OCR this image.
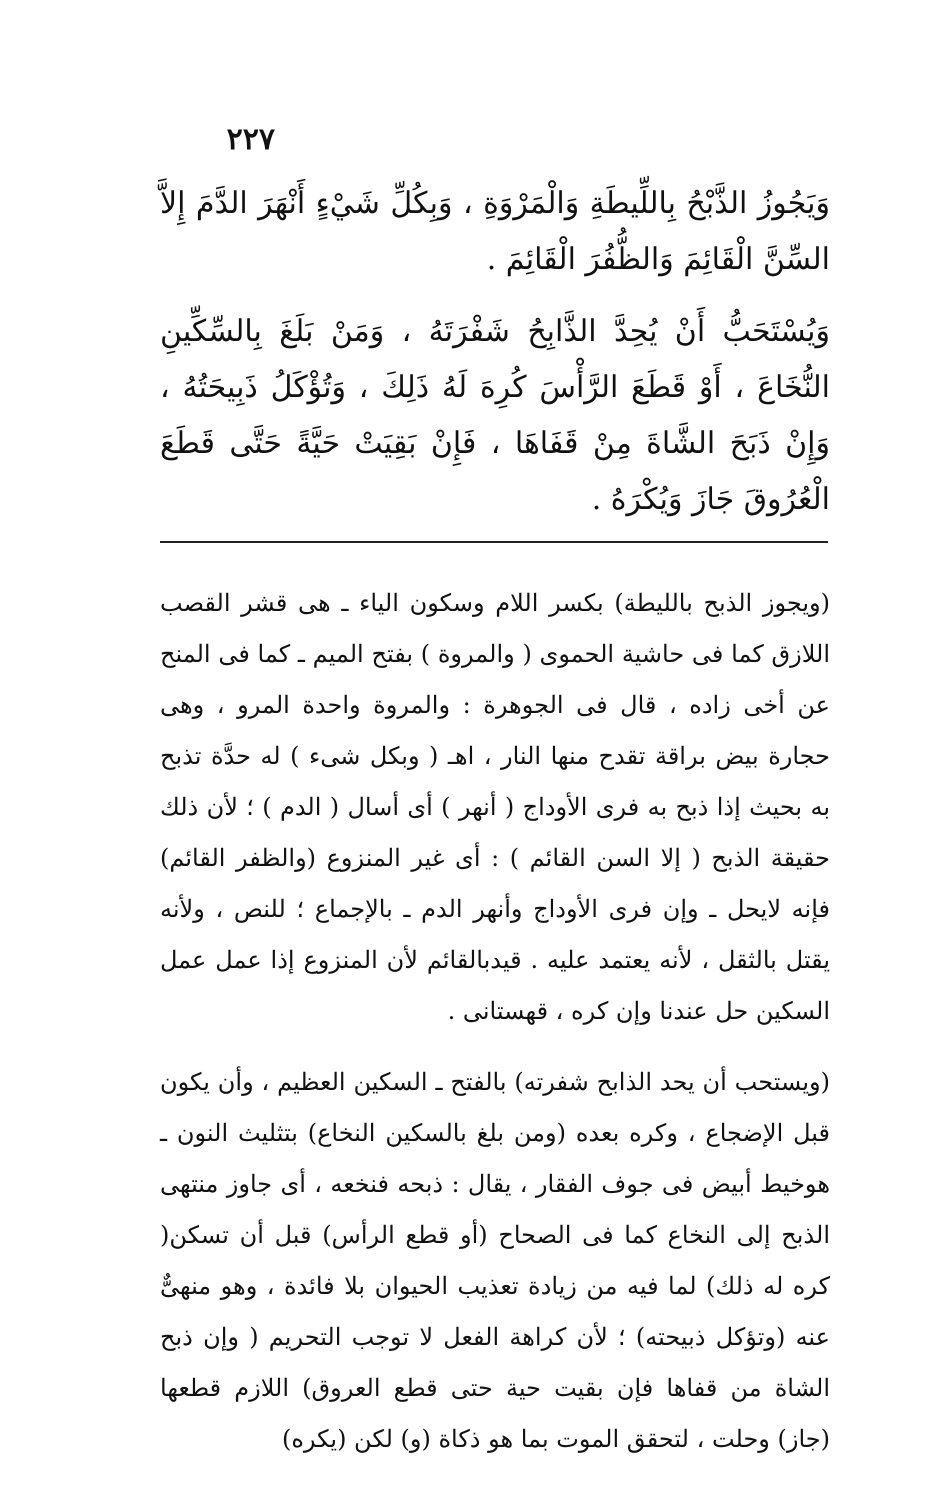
٢٢٧

وَيَجُوزُ الذَّبْحُ بِاللِّيطَةِ وَالْمَرْوَةِ ، وَبِكُلِّ شَيْءٍ أَنْهَرَ الدَّمَ إِلاَّ السِّنَّ الْقَائِمَ وَالظُّفُرَ الْقَائِمَ .

وَيُسْتَحَبُّ أَنْ يُحِدَّ الذَّابِحُ شَفْرَتَهُ ، وَمَنْ بَلَغَ بِالسِّكِّينِ النُّخَاعَ ، أَوْ قَطَعَ الرَّأْسَ كُرِهَ لَهُ ذَلِكَ ، وَتُؤْكَلُ ذَبِيحَتُهُ ، وَإِنْ ذَبَحَ الشَّاةَ مِنْ قَفَاهَا ، فَإِنْ بَقِيَتْ حَيَّةً حَتَّى قَطَعَ الْعُرُوقَ جَازَ وَيُكْرَهُ .

(ويجوز الذبح بالليطة) بكسر اللام وسكون الياء ـ هى قشر القصب اللازق كما فى حاشية الحموى ( والمروة ) بفتح الميم ـ كما فى المنح عن أخى زاده ، قال فى الجوهرة : والمروة واحدة المرو ، وهى حجارة بيض براقة تقدح منها النار ، اهـ ( وبكل شىء ) له حدَّة تذبح به بحيث إذا ذبح به فرى الأوداج ( أنهر ) أى أسال ( الدم ) ؛ لأن ذلك حقيقة الذبح ( إلا السن القائم ) : أى غير المنزوع (والظفر القائم) فإنه لايحل ـ وإن فرى الأوداج وأنهر الدم ـ بالإجماع ؛ للنص ، ولأنه يقتل بالثقل ، لأنه يعتمد عليه . قيدبالقائم لأن المنزوع إذا عمل عمل السكين حل عندنا وإن كره ، قهستانى .

(ويستحب أن يحد الذابح شفرته) بالفتح ـ السكين العظيم ، وأن يكون قبل الإضجاع ، وكره بعده (ومن بلغ بالسكين النخاع) بتثليث النون ـ هوخيط أبيض فى جوف الفقار ، يقال : ذبحه فنخعه ، أى جاوز منتهى الذبح إلى النخاع كما فى الصحاح (أو قطع الرأس) قبل أن تسكن( كره له ذلك) لما فيه من زيادة تعذيب الحيوان بلا فائدة ، وهو منهىٌّ عنه (وتؤكل ذبيحته) ؛ لأن كراهة الفعل لا توجب التحريم ( وإن ذبح الشاة من قفاها فإن بقيت حية حتى قطع العروق) اللازم قطعها (جاز) وحلت ، لتحقق الموت بما هو ذكاة (و) لكن (يكره)
